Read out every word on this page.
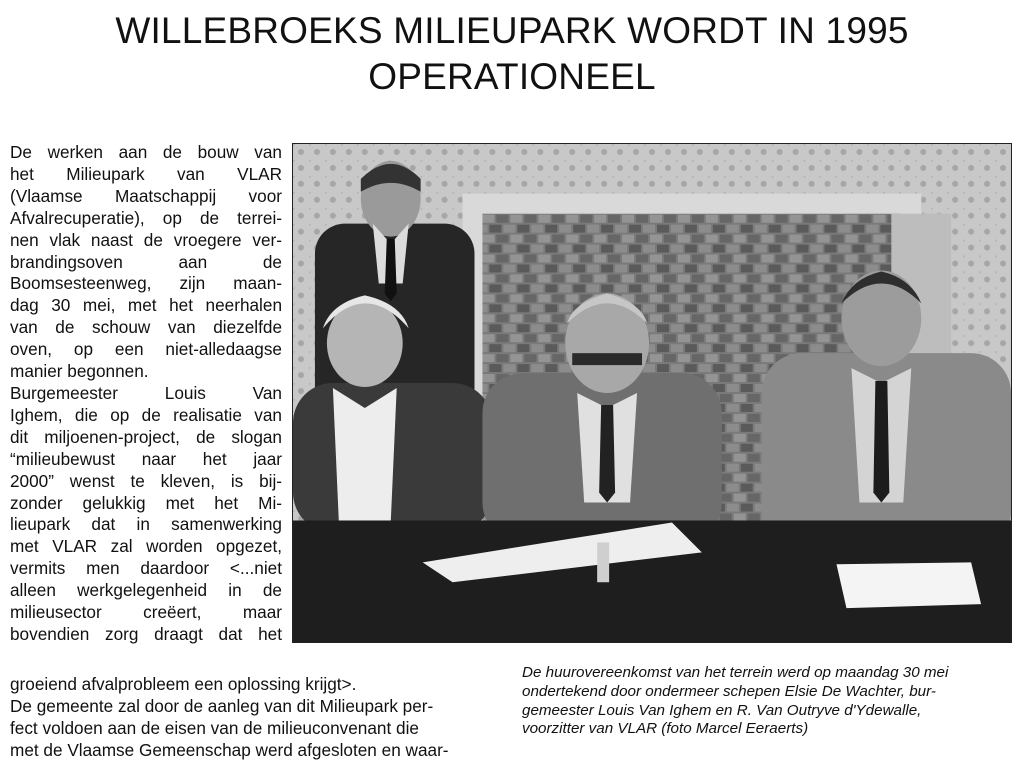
WILLEBROEKS MILIEUPARK WORDT IN 1995
OPERATIONEEL
De werken aan de bouw van
het Milieupark van VLAR
(Vlaamse Maatschappij voor
Afvalrecuperatie), op de terrei-
nen vlak naast de vroegere ver-
brandingsoven aan de
Boomsesteenweg, zijn maan-
dag 30 mei, met het neerhalen
van de schouw van diezelfde
oven, op een niet-alledaagse
manier begonnen.
Burgemeester Louis Van
Ighem, die op de realisatie van
dit miljoenen-project, de slogan
“milieubewust naar het jaar
2000” wenst te kleven, is bij-
zonder gelukkig met het Mi-
lieupark dat in samenwerking
met VLAR zal worden opgezet,
vermits men daardoor <...niet
alleen werkgelegenheid in de
milieusector creëert, maar
bovendien zorg draagt dat het
groeiend afvalprobleem een oplossing krijgt>.
De gemeente zal door de aanleg van dit Milieupark per-
fect voldoen aan de eisen van de milieuconvenant die
met de Vlaamse Gemeenschap werd afgesloten en waar-
De huurovereenkomst van het terrein werd op maandag 30 mei
ondertekend door ondermeer schepen Elsie De Wachter, bur-
gemeester Louis Van Ighem en R. Van Outryve d'Ydewalle,
voorzitter van VLAR (foto Marcel Eeraerts)
